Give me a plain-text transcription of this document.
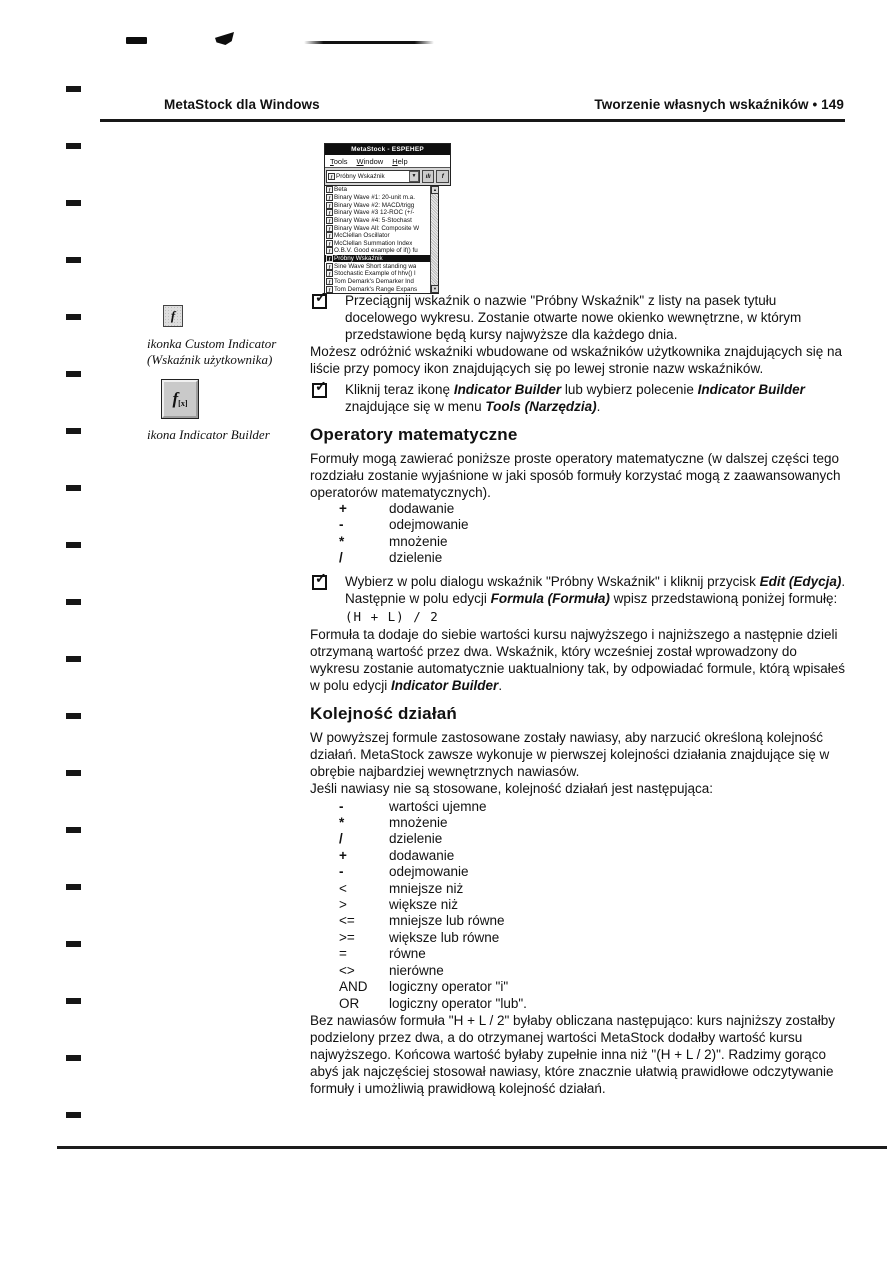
MetaStock dla Windows	Tworzenie własnych wskaźników • 149
MetaStock - ESPEHEP
Tools Window Help
f Próbny Wskaźnik	▼	ılı	f
f Beta
f Binary Wave #1: 20-unit m.a.
f Binary Wave #2: MACD/trigg
f Binary Wave #3 12-ROC (+/-
f Binary Wave #4: 5-Stochast
f Binary Wave All: Composite W
f McClellan Oscillator
f McClellan Summation Index
f O.B.V. Good example of if() fu
f Próbny Wskaźnik
f Sine Wave Short standing wa
f Stochastic Example of hhv() l
f Tom Demark's Demarker Ind
f Tom Demark's Range Expans
▲
▼
f
ikonka Custom Indicator
(Wskaźnik użytkownika)
f [x]
ikona Indicator Builder
✓ Przeciągnij wskaźnik o nazwie "Próbny Wskaźnik" z listy na pasek tytułu docelowego wykresu. Zostanie otwarte nowe okienko wewnętrzne, w którym przedstawione będą kursy najwyższe dla każdego dnia.

Możesz odróżnić wskaźniki wbudowane od wskaźników użytkownika znajdujących się na liście przy pomocy ikon znajdujących się po lewej stronie nazw wskaźników.

✓ Kliknij teraz ikonę Indicator Builder lub wybierz polecenie Indicator Builder znajdujące się w menu Tools (Narzędzia).
Operatory matematyczne

Formuły mogą zawierać poniższe proste operatory matematyczne (w dalszej części tego rozdziału zostanie wyjaśnione w jaki sposób formuły korzystać mogą z zaawansowanych operatorów matematycznych).

+	dodawanie
-	odejmowanie
*	mnożenie
/	dzielenie
✓ Wybierz w polu dialogu wskaźnik "Próbny Wskaźnik" i kliknij przycisk Edit (Edycja). Następnie w polu edycji Formula (Formuła) wpisz przedstawioną poniżej formułę:
(H + L) / 2

Formuła ta dodaje do siebie wartości kursu najwyższego i najniższego a następnie dzieli otrzymaną wartość przez dwa. Wskaźnik, który wcześniej został wprowadzony do wykresu zostanie automatycznie uaktualniony tak, by odpowiadać formule, którą wpisałeś w polu edycji Indicator Builder.

Kolejność działań

W powyższej formule zastosowane zostały nawiasy, aby narzucić określoną kolejność działań. MetaStock zawsze wykonuje w pierwszej kolejności działania znajdujące się w obrębie najbardziej wewnętrznych nawiasów.

Jeśli nawiasy nie są stosowane, kolejność działań jest następująca:

-	wartości ujemne
*	mnożenie
/	dzielenie
+	dodawanie
-	odejmowanie
<	mniejsze niż
>	większe niż
<=	mniejsze lub równe
>=	większe lub równe
=	równe
<>	nierówne
AND	logiczny operator "i"
OR	logiczny operator "lub".

Bez nawiasów formuła "H + L / 2" byłaby obliczana następująco: kurs najniższy zostałby podzielony przez dwa, a do otrzymanej wartości MetaStock dodałby wartość kursu najwyższego. Końcowa wartość byłaby zupełnie inna niż "(H + L / 2)". Radzimy gorąco abyś jak najczęściej stosował nawiasy, które znacznie ułatwią prawidłowe odczytywanie formuły i umożliwią prawidłową kolejność działań.
